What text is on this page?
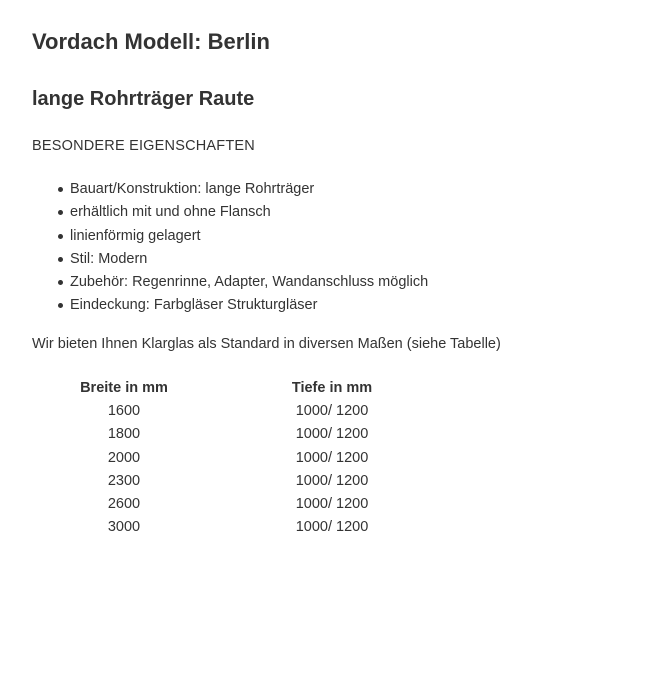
Vordach Modell: Berlin
lange Rohrträger Raute
BESONDERE EIGENSCHAFTEN
Bauart/Konstruktion: lange Rohrträger
erhältlich mit und ohne Flansch
linienförmig gelagert
Stil: Modern
Zubehör: Regenrinne, Adapter, Wandanschluss möglich
Eindeckung: Farbgläser Strukturgläser
Wir bieten Ihnen Klarglas als Standard in diversen Maßen (siehe Tabelle)
Breite in mm	Tiefe in mm
1600	1000/ 1200
1800	1000/ 1200
2000	1000/ 1200
2300	1000/ 1200
2600	1000/ 1200
3000	1000/ 1200
